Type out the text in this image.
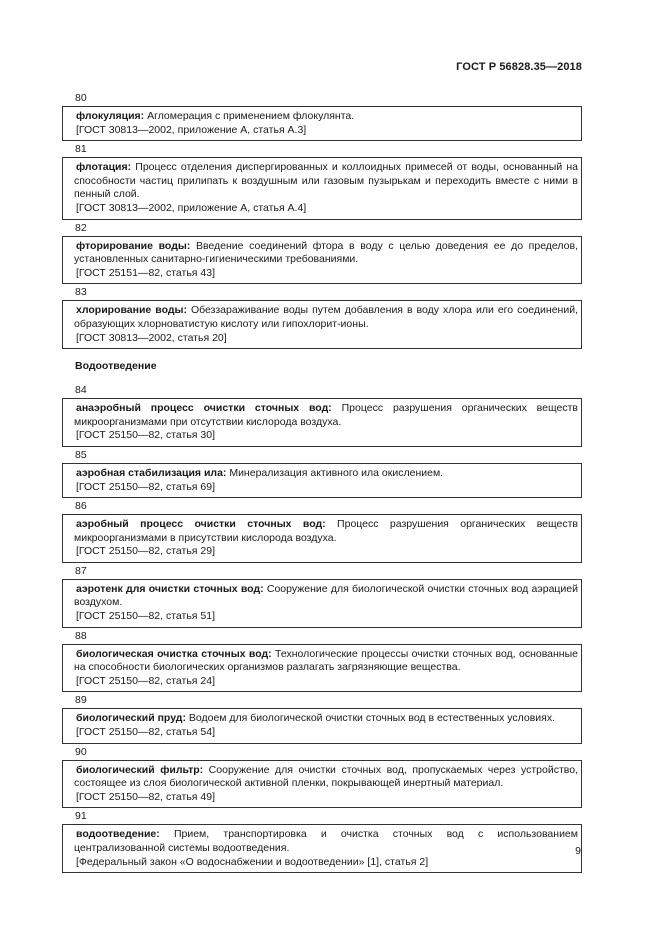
ГОСТ Р 56828.35—2018
80

флокуляция: Агломерация с применением флокулянта.

[ГОСТ 30813—2002, приложение А, статья А.3]

81

флотация: Процесс отделения диспергированных и коллоидных примесей от воды, основанный на способности частиц прилипать к воздушным или газовым пузырькам и переходить вместе с ними в пенный слой.

[ГОСТ 30813—2002, приложение А, статья А.4]

82

фторирование воды: Введение соединений фтора в воду с целью доведения ее до пределов, установленных санитарно-гигиеническими требованиями.

[ГОСТ 25151—82, статья 43]

83

хлорирование воды: Обеззараживание воды путем добавления в воду хлора или его соединений, образующих хлорноватистую кислоту или гипохлорит-ионы.

[ГОСТ 30813—2002, статья 20]

Водоотведение
84

анаэробный процесс очистки сточных вод: Процесс разрушения органических веществ микроорганизмами при отсутствии кислорода воздуха.

[ГОСТ 25150—82, статья 30]

85

аэробная стабилизация ила: Минерализация активного ила окислением.

[ГОСТ 25150—82, статья 69]

86

аэробный процесс очистки сточных вод: Процесс разрушения органических веществ микроорганизмами в присутствии кислорода воздуха.

[ГОСТ 25150—82, статья 29]

87

аэротенк для очистки сточных вод: Сооружение для биологической очистки сточных вод аэрацией воздухом.

[ГОСТ 25150—82, статья 51]

88

биологическая очистка сточных вод: Технологические процессы очистки сточных вод, основанные на способности биологических организмов разлагать загрязняющие вещества.

[ГОСТ 25150—82, статья 24]

89

биологический пруд: Водоем для биологической очистки сточных вод в естественных условиях.

[ГОСТ 25150—82, статья 54]

90

биологический фильтр: Сооружение для очистки сточных вод, пропускаемых через устройство, состоящее из слоя биологической активной пленки, покрывающей инертный материал.

[ГОСТ 25150—82, статья 49]

91

водоотведение: Прием, транспортировка и очистка сточных вод с использованием централизованной системы водоотведения.

[Федеральный закон «О водоснабжении и водоотведении» [1], статья 2]

9
